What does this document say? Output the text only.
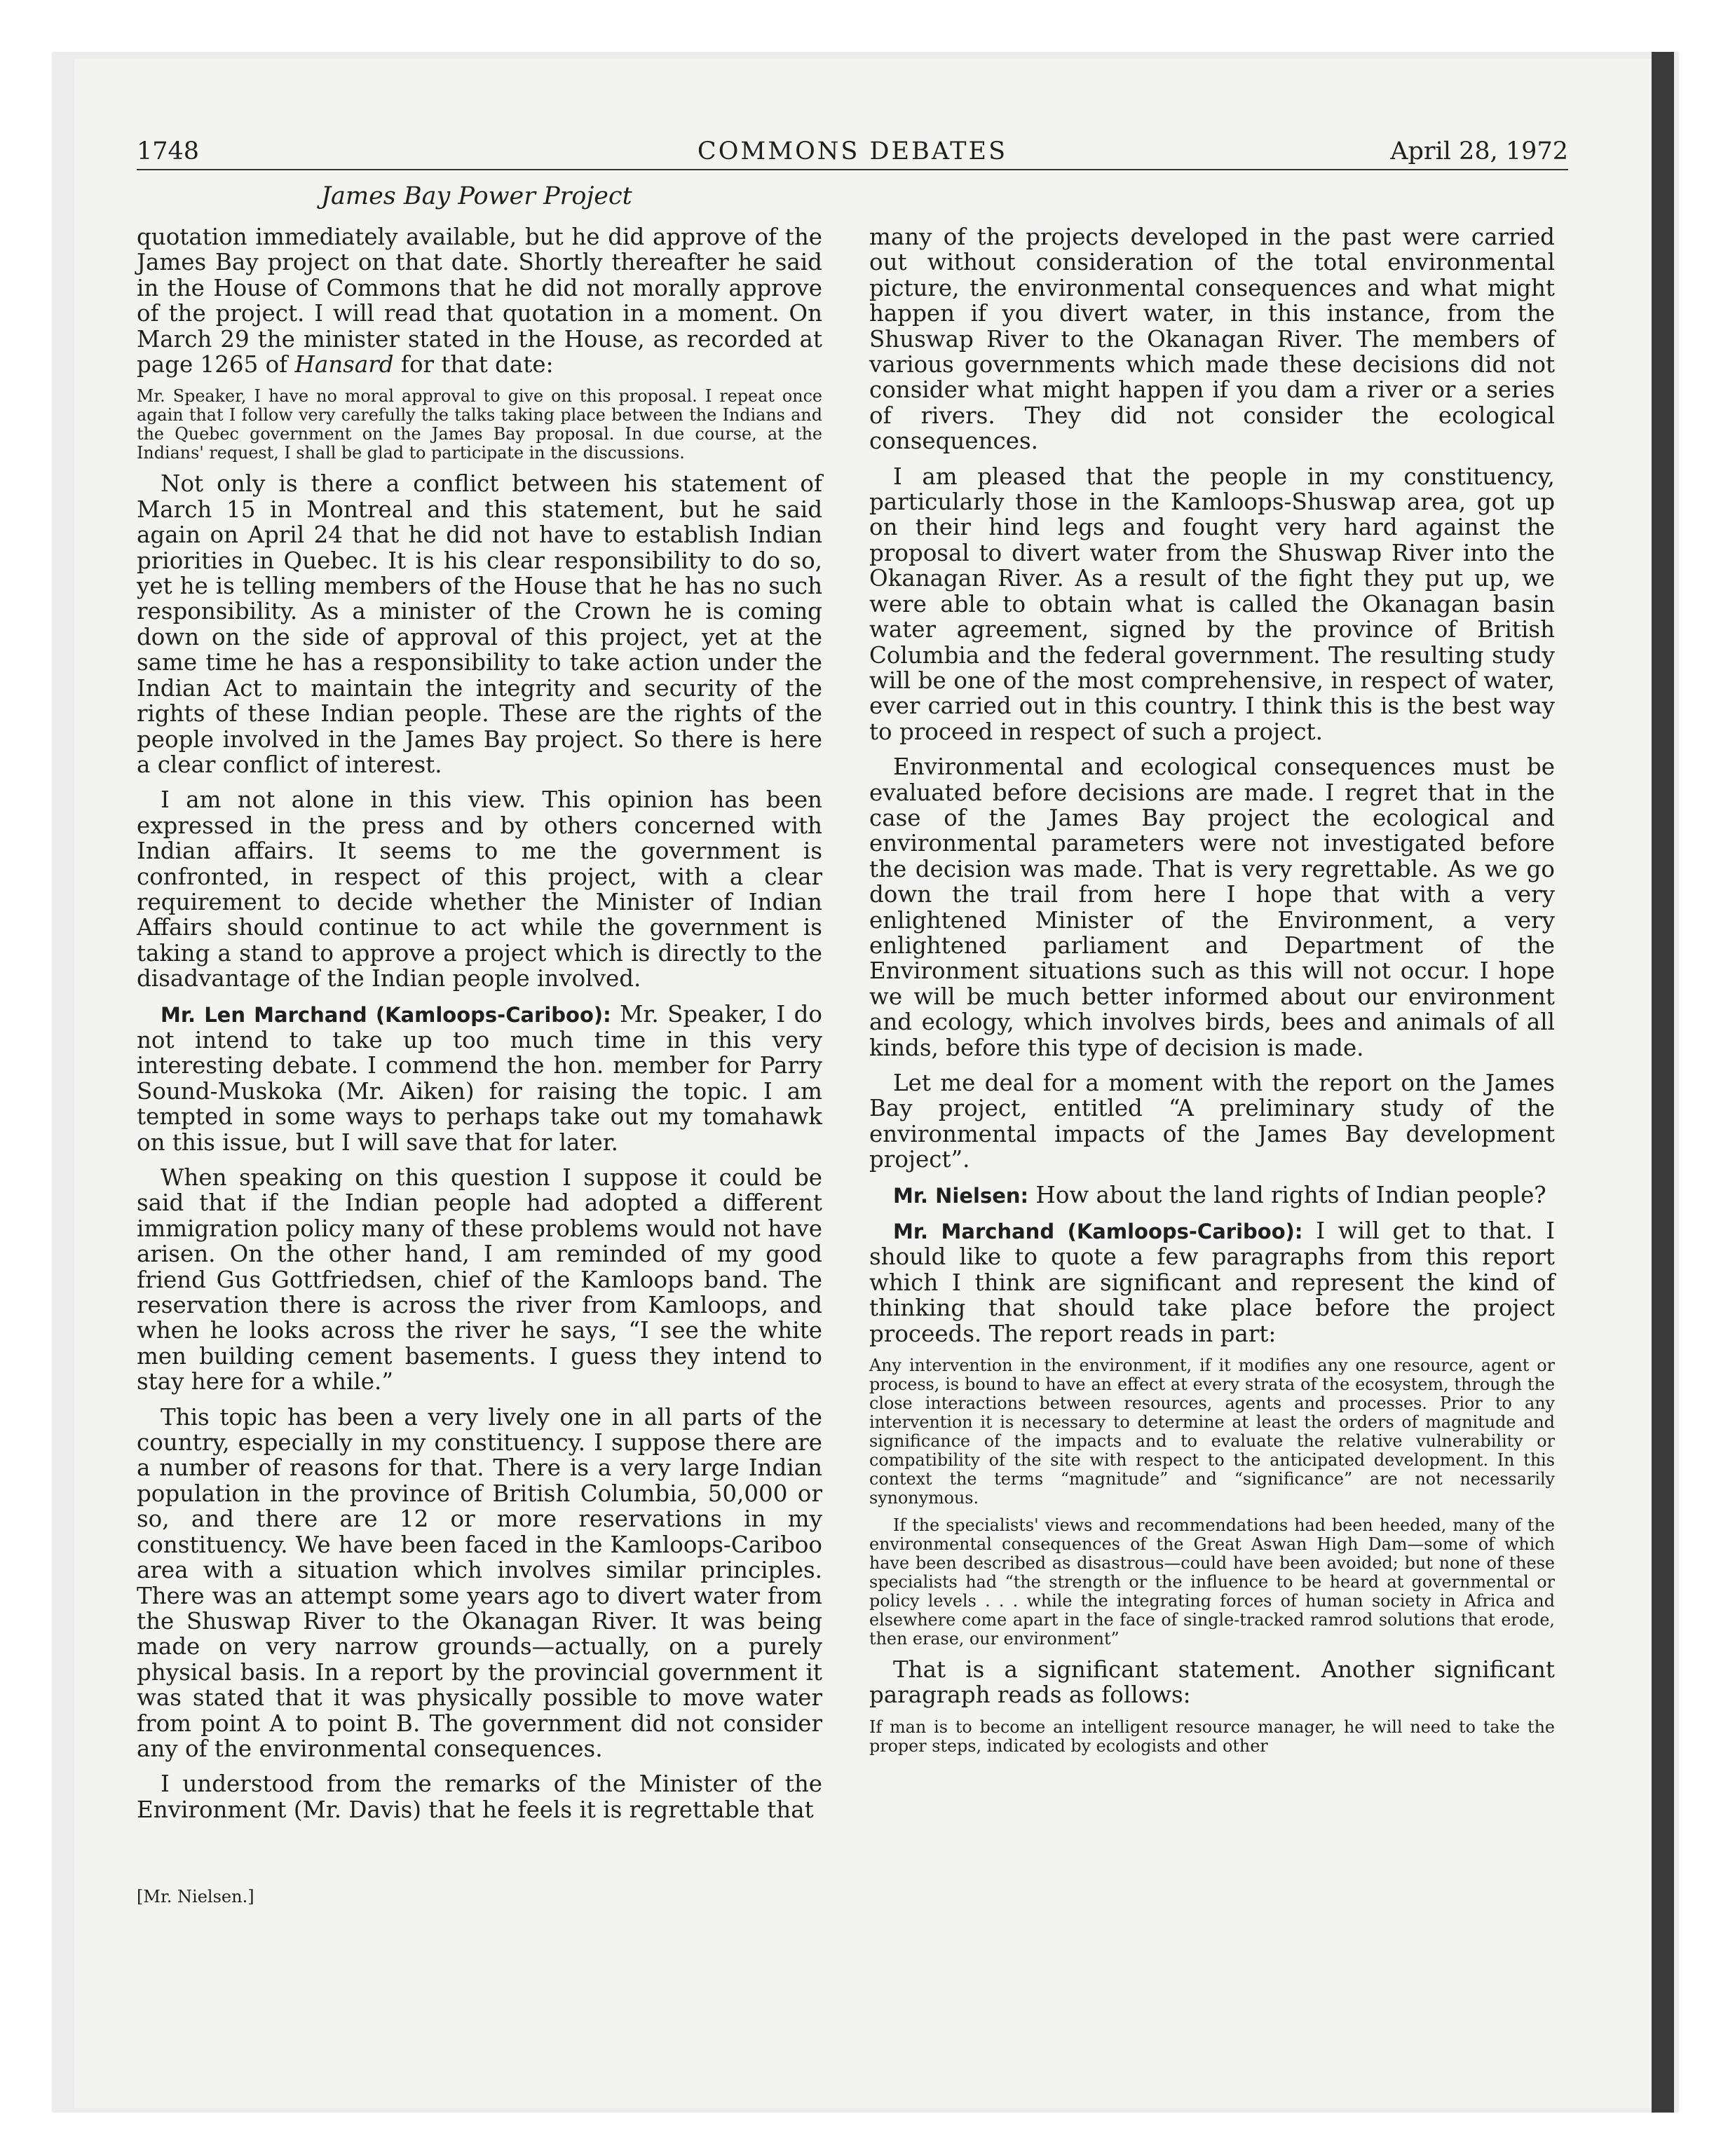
1748	COMMONS DEBATES	April 28, 1972
James Bay Power Project

quotation immediately available, but he did approve of the James Bay project on that date. Shortly thereafter he said in the House of Commons that he did not morally approve of the project. I will read that quotation in a moment. On March 29 the minister stated in the House, as recorded at page 1265 of Hansard for that date:

Mr. Speaker, I have no moral approval to give on this proposal. I repeat once again that I follow very carefully the talks taking place between the Indians and the Quebec government on the James Bay proposal. In due course, at the Indians' request, I shall be glad to participate in the discussions.

Not only is there a conflict between his statement of March 15 in Montreal and this statement, but he said again on April 24 that he did not have to establish Indian priorities in Quebec. It is his clear responsibility to do so, yet he is telling members of the House that he has no such responsibility. As a minister of the Crown he is coming down on the side of approval of this project, yet at the same time he has a responsibility to take action under the Indian Act to maintain the integrity and security of the rights of these Indian people. These are the rights of the people involved in the James Bay project. So there is here a clear conflict of interest.

I am not alone in this view. This opinion has been expressed in the press and by others concerned with Indian affairs. It seems to me the government is confronted, in respect of this project, with a clear requirement to decide whether the Minister of Indian Affairs should continue to act while the government is taking a stand to approve a project which is directly to the disadvantage of the Indian people involved.

Mr. Len Marchand (Kamloops-Cariboo): Mr. Speaker, I do not intend to take up too much time in this very interesting debate. I commend the hon. member for Parry Sound-Muskoka (Mr. Aiken) for raising the topic. I am tempted in some ways to perhaps take out my tomahawk on this issue, but I will save that for later.

When speaking on this question I suppose it could be said that if the Indian people had adopted a different immigration policy many of these problems would not have arisen. On the other hand, I am reminded of my good friend Gus Gottfriedsen, chief of the Kamloops band. The reservation there is across the river from Kamloops, and when he looks across the river he says, “I see the white men building cement basements. I guess they intend to stay here for a while.”

This topic has been a very lively one in all parts of the country, especially in my constituency. I suppose there are a number of reasons for that. There is a very large Indian population in the province of British Columbia, 50,000 or so, and there are 12 or more reservations in my constituency. We have been faced in the Kamloops-Cariboo area with a situation which involves similar principles. There was an attempt some years ago to divert water from the Shuswap River to the Okanagan River. It was being made on very narrow grounds—actually, on a purely physical basis. In a report by the provincial government it was stated that it was physically possible to move water from point A to point B. The government did not consider any of the environmental consequences.

I understood from the remarks of the Minister of the Environment (Mr. Davis) that he feels it is regrettable that

[Mr. Nielsen.]

many of the projects developed in the past were carried out without consideration of the total environmental picture, the environmental consequences and what might happen if you divert water, in this instance, from the Shuswap River to the Okanagan River. The members of various governments which made these decisions did not consider what might happen if you dam a river or a series of rivers. They did not consider the ecological consequences.

I am pleased that the people in my constituency, particularly those in the Kamloops-Shuswap area, got up on their hind legs and fought very hard against the proposal to divert water from the Shuswap River into the Okanagan River. As a result of the fight they put up, we were able to obtain what is called the Okanagan basin water agreement, signed by the province of British Columbia and the federal government. The resulting study will be one of the most comprehensive, in respect of water, ever carried out in this country. I think this is the best way to proceed in respect of such a project.

Environmental and ecological consequences must be evaluated before decisions are made. I regret that in the case of the James Bay project the ecological and environmental parameters were not investigated before the decision was made. That is very regrettable. As we go down the trail from here I hope that with a very enlightened Minister of the Environment, a very enlightened parliament and Department of the Environment situations such as this will not occur. I hope we will be much better informed about our environment and ecology, which involves birds, bees and animals of all kinds, before this type of decision is made.

Let me deal for a moment with the report on the James Bay project, entitled “A preliminary study of the environmental impacts of the James Bay development project”.

Mr. Nielsen: How about the land rights of Indian people?

Mr. Marchand (Kamloops-Cariboo): I will get to that. I should like to quote a few paragraphs from this report which I think are significant and represent the kind of thinking that should take place before the project proceeds. The report reads in part:

Any intervention in the environment, if it modifies any one resource, agent or process, is bound to have an effect at every strata of the ecosystem, through the close interactions between resources, agents and processes. Prior to any intervention it is necessary to determine at least the orders of magnitude and significance of the impacts and to evaluate the relative vulnerability or compatibility of the site with respect to the anticipated development. In this context the terms “magnitude” and “significance” are not necessarily synonymous.

If the specialists' views and recommendations had been heeded, many of the environmental consequences of the Great Aswan High Dam—some of which have been described as disastrous—could have been avoided; but none of these specialists had “the strength or the influence to be heard at governmental or policy levels . . . while the integrating forces of human society in Africa and elsewhere come apart in the face of single-tracked ramrod solutions that erode, then erase, our environment”

That is a significant statement. Another significant paragraph reads as follows:

If man is to become an intelligent resource manager, he will need to take the proper steps, indicated by ecologists and other
